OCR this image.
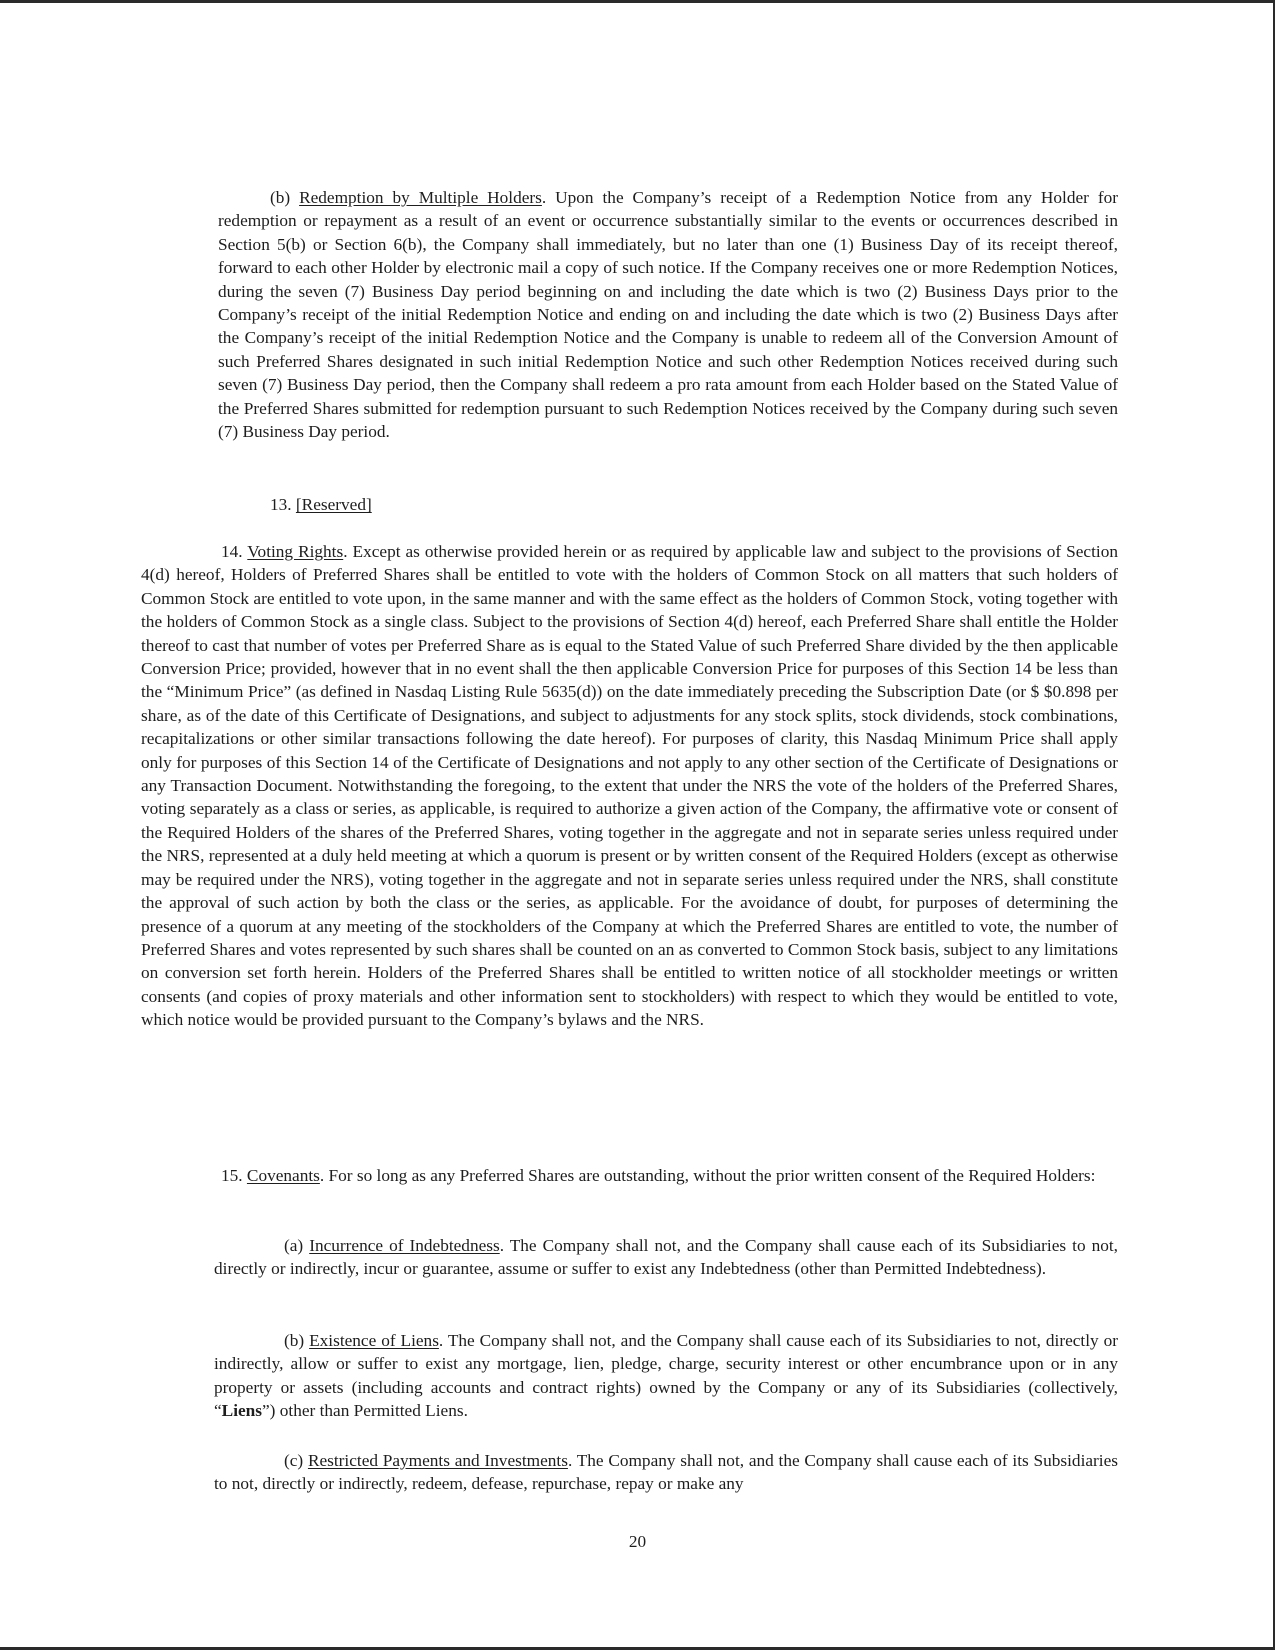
(b) Redemption by Multiple Holders. Upon the Company’s receipt of a Redemption Notice from any Holder for redemption or repayment as a result of an event or occurrence substantially similar to the events or occurrences described in Section 5(b) or Section 6(b), the Company shall immediately, but no later than one (1) Business Day of its receipt thereof, forward to each other Holder by electronic mail a copy of such notice. If the Company receives one or more Redemption Notices, during the seven (7) Business Day period beginning on and including the date which is two (2) Business Days prior to the Company’s receipt of the initial Redemption Notice and ending on and including the date which is two (2) Business Days after the Company’s receipt of the initial Redemption Notice and the Company is unable to redeem all of the Conversion Amount of such Preferred Shares designated in such initial Redemption Notice and such other Redemption Notices received during such seven (7) Business Day period, then the Company shall redeem a pro rata amount from each Holder based on the Stated Value of the Preferred Shares submitted for redemption pursuant to such Redemption Notices received by the Company during such seven (7) Business Day period.

13. [Reserved]

14. Voting Rights. Except as otherwise provided herein or as required by applicable law and subject to the provisions of Section 4(d) hereof, Holders of Preferred Shares shall be entitled to vote with the holders of Common Stock on all matters that such holders of Common Stock are entitled to vote upon, in the same manner and with the same effect as the holders of Common Stock, voting together with the holders of Common Stock as a single class. Subject to the provisions of Section 4(d) hereof, each Preferred Share shall entitle the Holder thereof to cast that number of votes per Preferred Share as is equal to the Stated Value of such Preferred Share divided by the then applicable Conversion Price; provided, however that in no event shall the then applicable Conversion Price for purposes of this Section 14 be less than the “Minimum Price” (as defined in Nasdaq Listing Rule 5635(d)) on the date immediately preceding the Subscription Date (or $ $0.898 per share, as of the date of this Certificate of Designations, and subject to adjustments for any stock splits, stock dividends, stock combinations, recapitalizations or other similar transactions following the date hereof). For purposes of clarity, this Nasdaq Minimum Price shall apply only for purposes of this Section 14 of the Certificate of Designations and not apply to any other section of the Certificate of Designations or any Transaction Document. Notwithstanding the foregoing, to the extent that under the NRS the vote of the holders of the Preferred Shares, voting separately as a class or series, as applicable, is required to authorize a given action of the Company, the affirmative vote or consent of the Required Holders of the shares of the Preferred Shares, voting together in the aggregate and not in separate series unless required under the NRS, represented at a duly held meeting at which a quorum is present or by written consent of the Required Holders (except as otherwise may be required under the NRS), voting together in the aggregate and not in separate series unless required under the NRS, shall constitute the approval of such action by both the class or the series, as applicable. For the avoidance of doubt, for purposes of determining the presence of a quorum at any meeting of the stockholders of the Company at which the Preferred Shares are entitled to vote, the number of Preferred Shares and votes represented by such shares shall be counted on an as converted to Common Stock basis, subject to any limitations on conversion set forth herein. Holders of the Preferred Shares shall be entitled to written notice of all stockholder meetings or written consents (and copies of proxy materials and other information sent to stockholders) with respect to which they would be entitled to vote, which notice would be provided pursuant to the Company’s bylaws and the NRS.

15. Covenants. For so long as any Preferred Shares are outstanding, without the prior written consent of the Required Holders:

(a) Incurrence of Indebtedness. The Company shall not, and the Company shall cause each of its Subsidiaries to not, directly or indirectly, incur or guarantee, assume or suffer to exist any Indebtedness (other than Permitted Indebtedness).

(b) Existence of Liens. The Company shall not, and the Company shall cause each of its Subsidiaries to not, directly or indirectly, allow or suffer to exist any mortgage, lien, pledge, charge, security interest or other encumbrance upon or in any property or assets (including accounts and contract rights) owned by the Company or any of its Subsidiaries (collectively, “Liens”) other than Permitted Liens.

(c) Restricted Payments and Investments. The Company shall not, and the Company shall cause each of its Subsidiaries to not, directly or indirectly, redeem, defease, repurchase, repay or make any

20
